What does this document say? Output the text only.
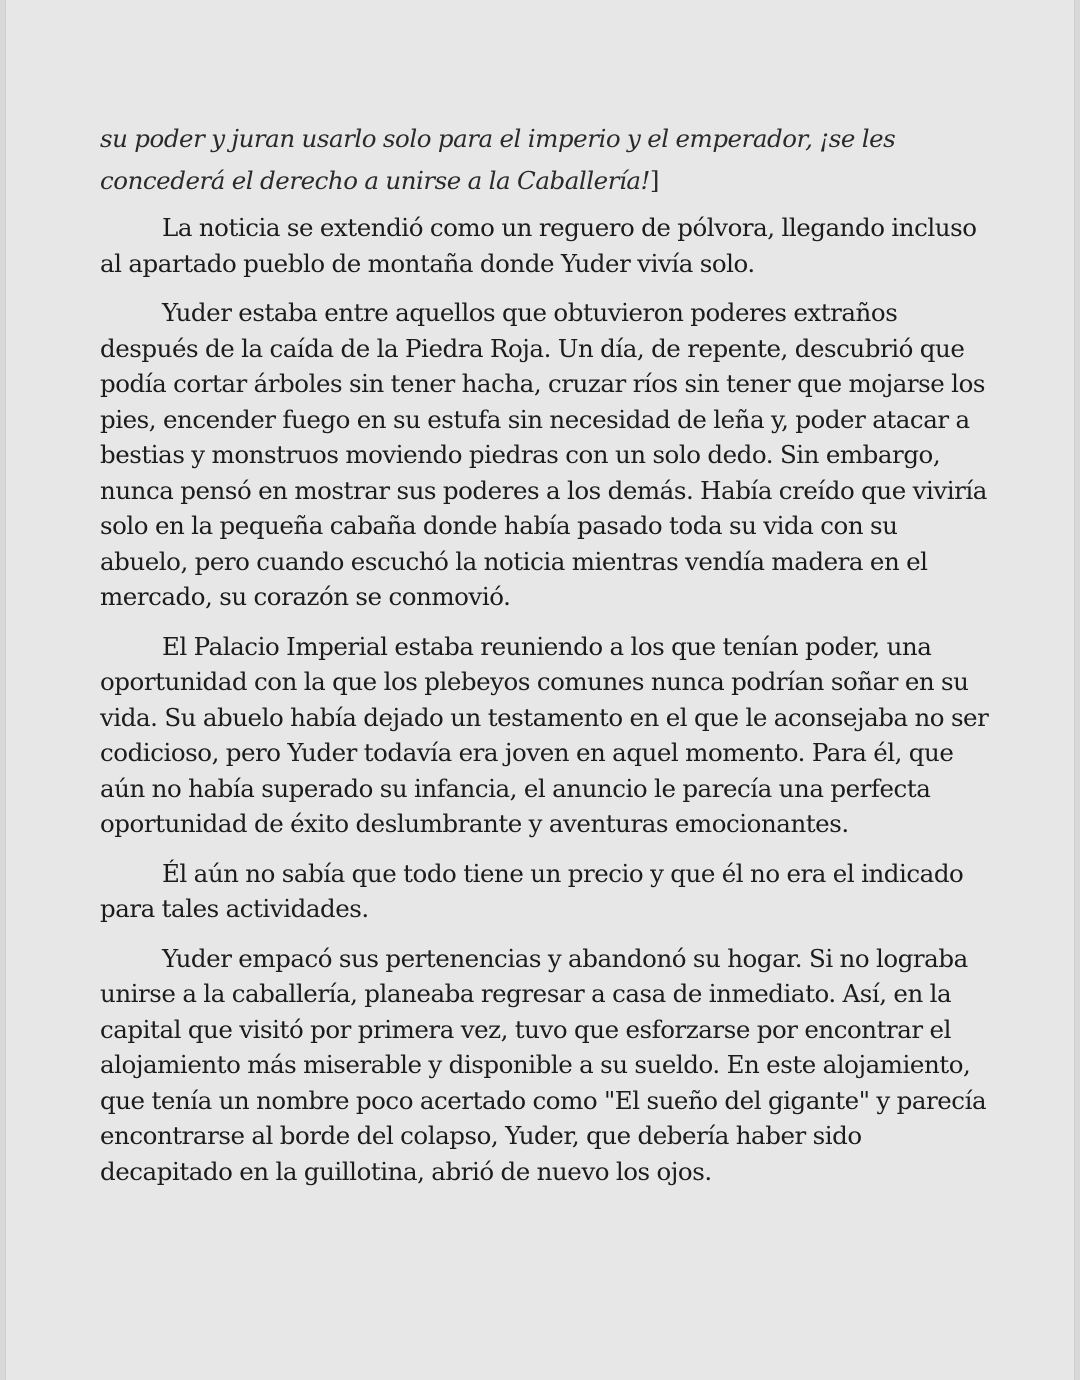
su poder y juran usarlo solo para el imperio y el emperador, ¡se les concederá el derecho a unirse a la Caballería!]

La noticia se extendió como un reguero de pólvora, llegando incluso al apartado pueblo de montaña donde Yuder vivía solo.

Yuder estaba entre aquellos que obtuvieron poderes extraños después de la caída de la Piedra Roja. Un día, de repente, descubrió que podía cortar árboles sin tener hacha, cruzar ríos sin tener que mojarse los pies, encender fuego en su estufa sin necesidad de leña y, poder atacar a bestias y monstruos moviendo piedras con un solo dedo. Sin embargo, nunca pensó en mostrar sus poderes a los demás. Había creído que viviría solo en la pequeña cabaña donde había pasado toda su vida con su abuelo, pero cuando escuchó la noticia mientras vendía madera en el mercado, su corazón se conmovió.

El Palacio Imperial estaba reuniendo a los que tenían poder, una oportunidad con la que los plebeyos comunes nunca podrían soñar en su vida. Su abuelo había dejado un testamento en el que le aconsejaba no ser codicioso, pero Yuder todavía era joven en aquel momento. Para él, que aún no había superado su infancia, el anuncio le parecía una perfecta oportunidad de éxito deslumbrante y aventuras emocionantes.

Él aún no sabía que todo tiene un precio y que él no era el indicado para tales actividades.

Yuder empacó sus pertenencias y abandonó su hogar. Si no lograba unirse a la caballería, planeaba regresar a casa de inmediato. Así, en la capital que visitó por primera vez, tuvo que esforzarse por encontrar el alojamiento más miserable y disponible a su sueldo. En este alojamiento, que tenía un nombre poco acertado como "El sueño del gigante" y parecía encontrarse al borde del colapso, Yuder, que debería haber sido decapitado en la guillotina, abrió de nuevo los ojos.
